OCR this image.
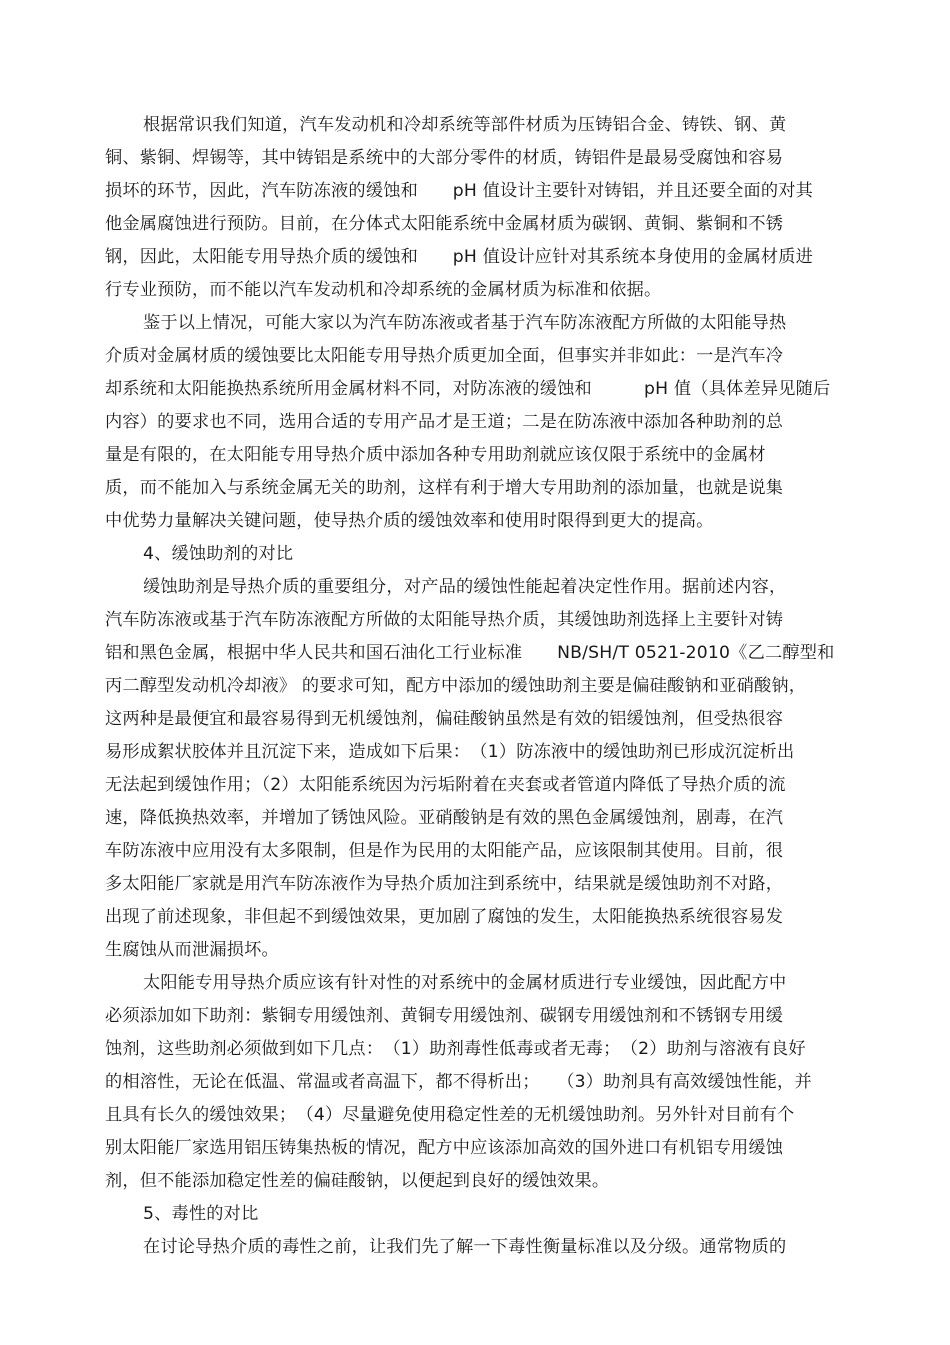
根据常识我们知道，汽车发动机和冷却系统等部件材质为压铸铝合金、铸铁、钢、黄
铜、紫铜、焊锡等，其中铸铝是系统中的大部分零件的材质，铸铝件是最易受腐蚀和容易
损坏的环节，因此，汽车防冻液的缓蚀和　　pH 值设计主要针对铸铝，并且还要全面的对其
他金属腐蚀进行预防。目前，在分体式太阳能系统中金属材质为碳钢、黄铜、紫铜和不锈
钢，因此，太阳能专用导热介质的缓蚀和　　pH 值设计应针对其系统本身使用的金属材质进
行专业预防，而不能以汽车发动机和冷却系统的金属材质为标准和依据。
鉴于以上情况，可能大家以为汽车防冻液或者基于汽车防冻液配方所做的太阳能导热
介质对金属材质的缓蚀要比太阳能专用导热介质更加全面，但事实并非如此：一是汽车冷
却系统和太阳能换热系统所用金属材料不同，对防冻液的缓蚀和　　　pH 值（具体差异见随后
内容）的要求也不同，选用合适的专用产品才是王道；二是在防冻液中添加各种助剂的总
量是有限的，在太阳能专用导热介质中添加各种专用助剂就应该仅限于系统中的金属材
质，而不能加入与系统金属无关的助剂，这样有利于增大专用助剂的添加量，也就是说集
中优势力量解决关键问题，使导热介质的缓蚀效率和使用时限得到更大的提高。
4、缓蚀助剂的对比
缓蚀助剂是导热介质的重要组分，对产品的缓蚀性能起着决定性作用。据前述内容，
汽车防冻液或基于汽车防冻液配方所做的太阳能导热介质，其缓蚀助剂选择上主要针对铸
铝和黑色金属，根据中华人民共和国石油化工行业标准　　NB/SH/T 0521-2010《乙二醇型和
丙二醇型发动机冷却液》 的要求可知，配方中添加的缓蚀助剂主要是偏硅酸钠和亚硝酸钠，
这两种是最便宜和最容易得到无机缓蚀剂，偏硅酸钠虽然是有效的铝缓蚀剂，但受热很容
易形成絮状胶体并且沉淀下来，造成如下后果：　（1）防冻液中的缓蚀助剂已形成沉淀析出
无法起到缓蚀作用；（2）太阳能系统因为污垢附着在夹套或者管道内降低了导热介质的流
速，降低换热效率，并增加了锈蚀风险。亚硝酸钠是有效的黑色金属缓蚀剂，剧毒，在汽
车防冻液中应用没有太多限制，但是作为民用的太阳能产品，应该限制其使用。目前，很
多太阳能厂家就是用汽车防冻液作为导热介质加注到系统中，结果就是缓蚀助剂不对路，
出现了前述现象，非但起不到缓蚀效果，更加剧了腐蚀的发生，太阳能换热系统很容易发
生腐蚀从而泄漏损坏。
太阳能专用导热介质应该有针对性的对系统中的金属材质进行专业缓蚀，因此配方中
必须添加如下助剂：紫铜专用缓蚀剂、黄铜专用缓蚀剂、碳钢专用缓蚀剂和不锈钢专用缓
蚀剂，这些助剂必须做到如下几点：　（1）助剂毒性低毒或者无毒；　（2）助剂与溶液有良好
的相溶性，无论在低温、常温或者高温下，都不得析出；　　（3）助剂具有高效缓蚀性能，并
且具有长久的缓蚀效果；　（4）尽量避免使用稳定性差的无机缓蚀助剂。另外针对目前有个
别太阳能厂家选用铝压铸集热板的情况，配方中应该添加高效的国外进口有机铝专用缓蚀
剂，但不能添加稳定性差的偏硅酸钠，以便起到良好的缓蚀效果。
5、毒性的对比
在讨论导热介质的毒性之前，让我们先了解一下毒性衡量标准以及分级。通常物质的
